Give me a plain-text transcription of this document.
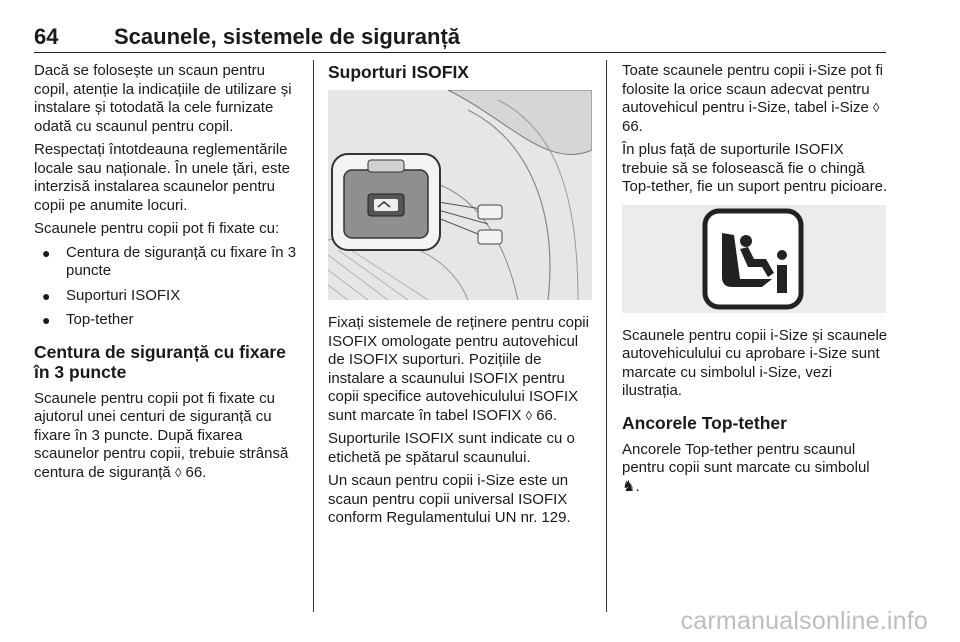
64	Scaunele, sistemele de siguranță

Dacă se folosește un scaun pentru copil, atenție la indicațiile de utilizare și instalare și totodată la cele furnizate odată cu scaunul pentru copil.

Respectați întotdeauna reglementările locale sau naționale. În unele țări, este interzisă instalarea scaunelor pentru copii pe anumite locuri.

Scaunele pentru copii pot fi fixate cu:

● Centura de siguranță cu fixare în 3 puncte
● Suporturi ISOFIX
● Top-tether
Centura de siguranță cu fixare în 3 puncte

Scaunele pentru copii pot fi fixate cu ajutorul unei centuri de siguranță cu fixare în 3 puncte. După fixarea scaunelor pentru copii, trebuie strânsă centura de siguranță ◊ 66.

Suporturi ISOFIX

Fixați sistemele de reținere pentru copii ISOFIX omologate pentru autovehicul de ISOFIX suporturi. Pozițiile de instalare a scaunului ISOFIX pentru copii specifice autovehiculului ISOFIX sunt marcate în tabel ISOFIX ◊ 66.

Suporturile ISOFIX sunt indicate cu o etichetă pe spătarul scaunului.

Un scaun pentru copii i-Size este un scaun pentru copii universal ISOFIX conform Regulamentului UN nr. 129.

Toate scaunele pentru copii i-Size pot fi folosite la orice scaun adecvat pentru autovehicul pentru i-Size, tabel i-Size ◊ 66.

În plus față de suporturile ISOFIX trebuie să se folosească fie o chingă Top-tether, fie un suport pentru picioare.

Scaunele pentru copii i-Size și scaunele autovehiculului cu aprobare i-Size sunt marcate cu simbolul i-Size, vezi ilustrația.

Ancorele Top-tether

Ancorele Top-tether pentru scaunul pentru copii sunt marcate cu simbolul ♞.

carmanualsonline.info
